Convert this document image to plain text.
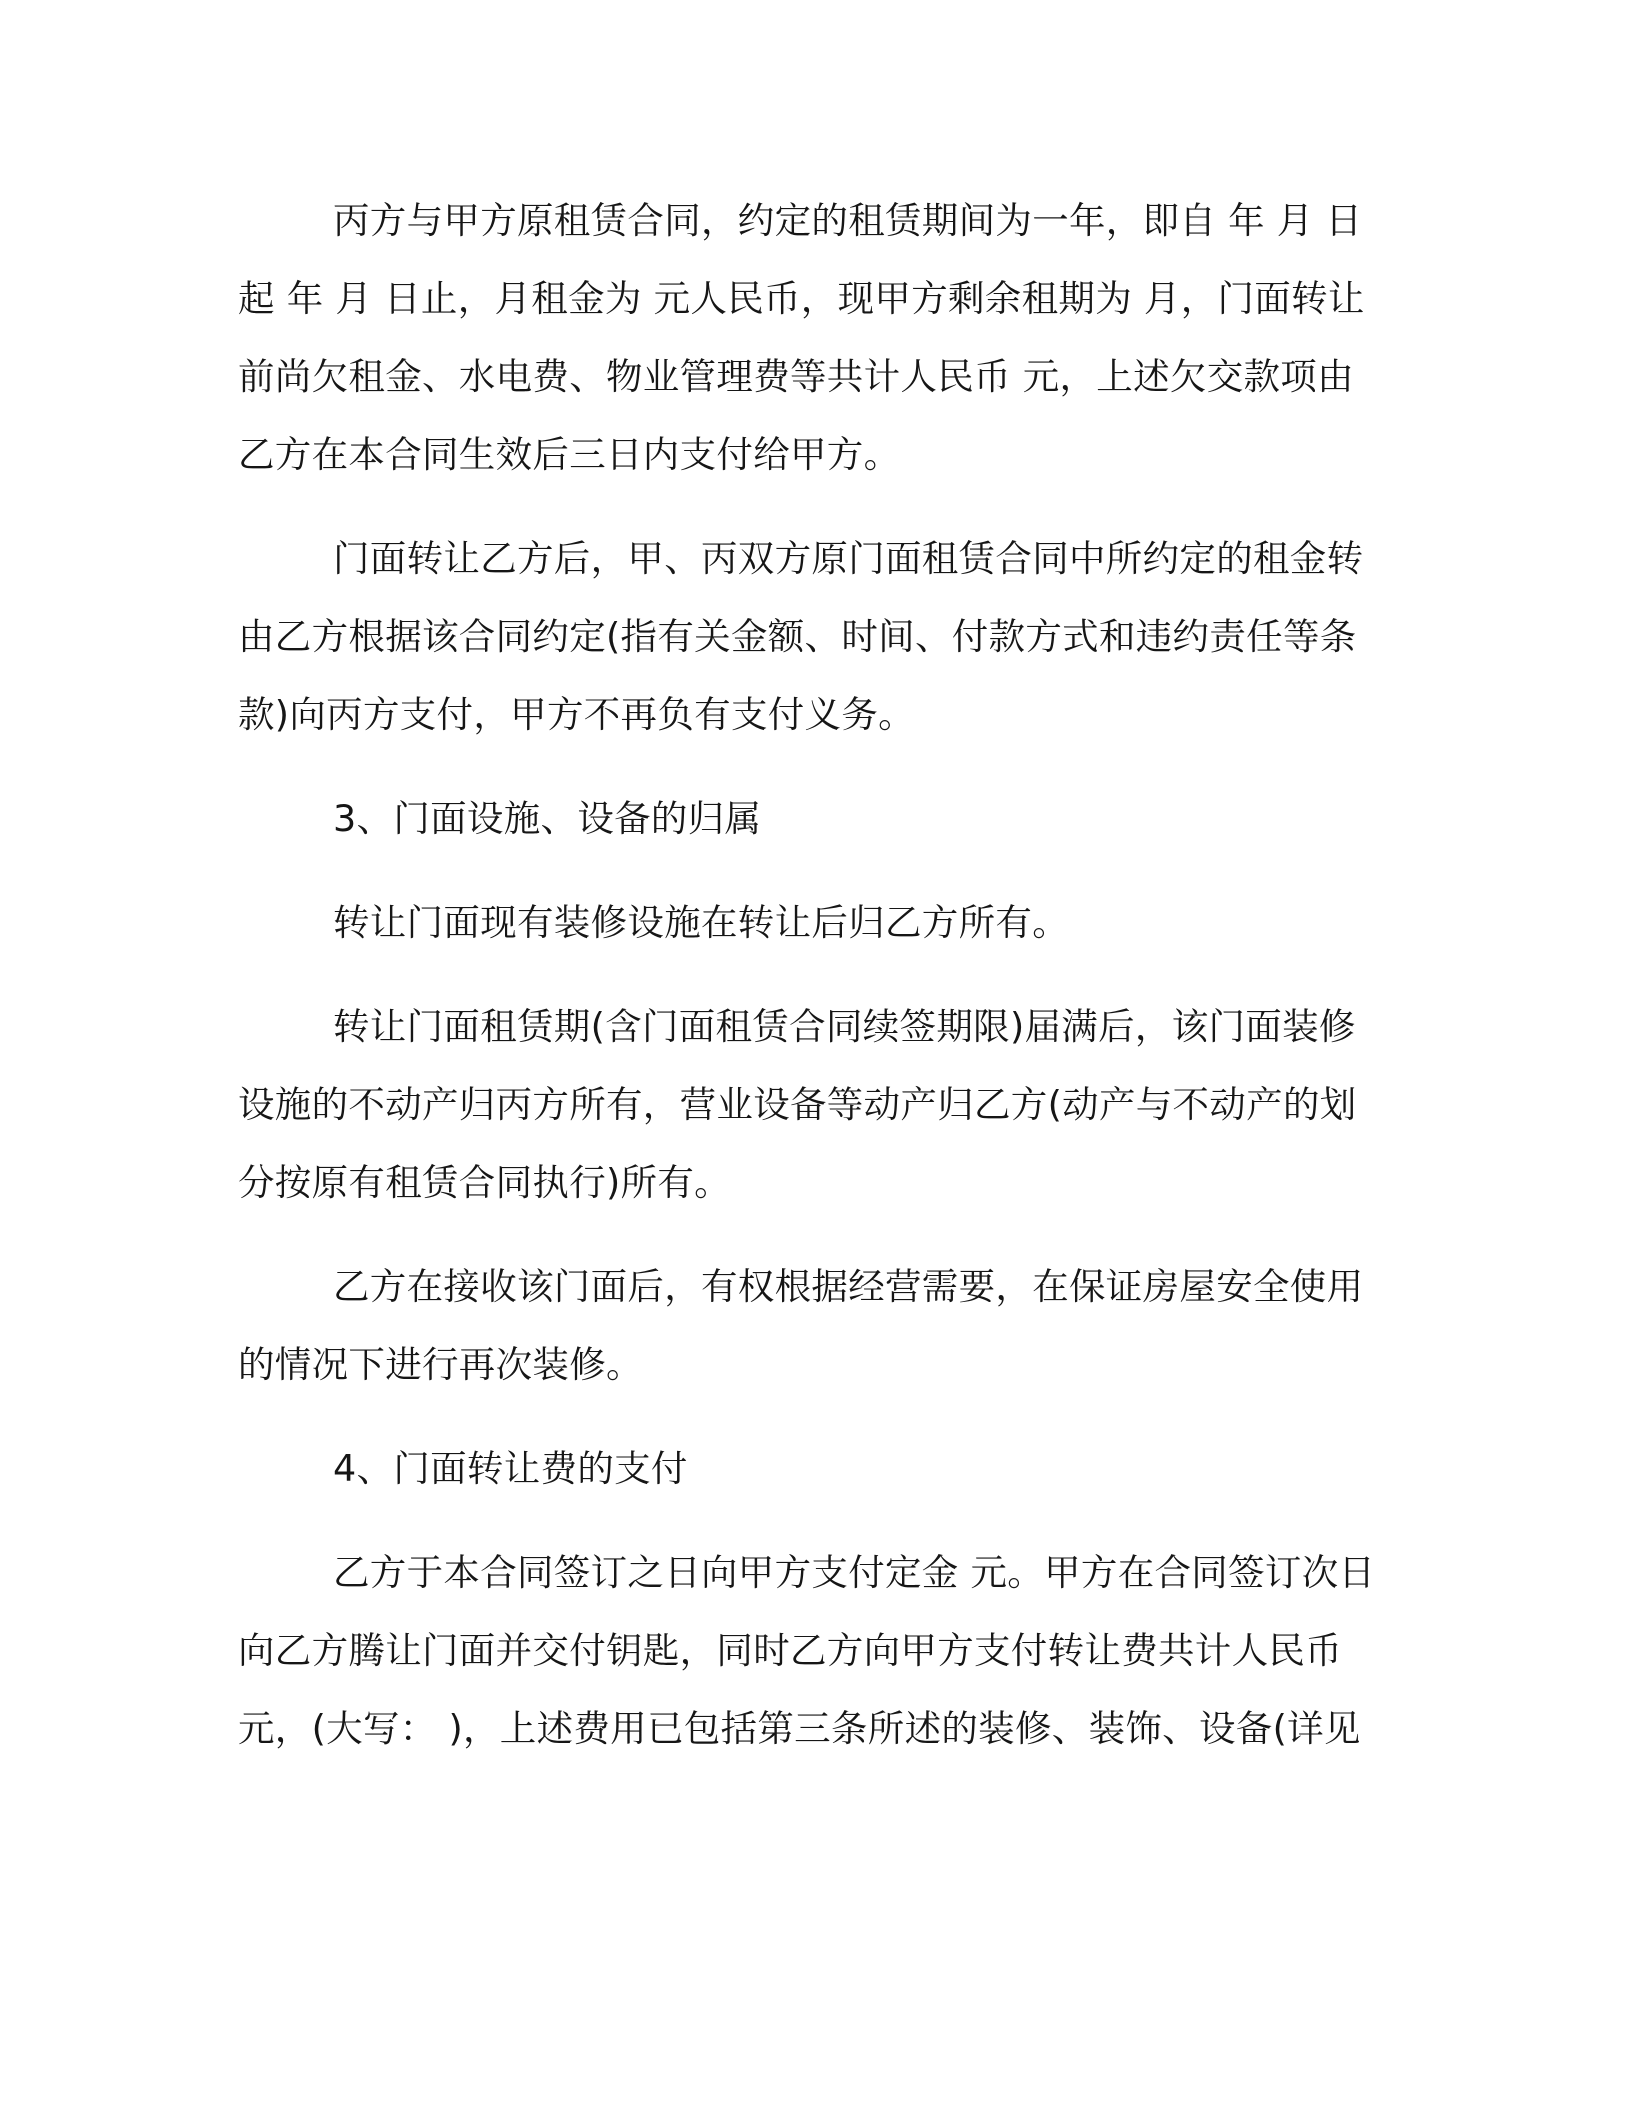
丙方与甲方原租赁合同，约定的租赁期间为一年，即自 年 月 日
起 年 月 日止，月租金为 元人民币，现甲方剩余租期为 月，门面转让
前尚欠租金、水电费、物业管理费等共计人民币 元，上述欠交款项由
乙方在本合同生效后三日内支付给甲方。
门面转让乙方后，甲、丙双方原门面租赁合同中所约定的租金转
由乙方根据该合同约定(指有关金额、时间、付款方式和违约责任等条
款)向丙方支付，甲方不再负有支付义务。
3、门面设施、设备的归属
转让门面现有装修设施在转让后归乙方所有。
转让门面租赁期(含门面租赁合同续签期限)届满后，该门面装修
设施的不动产归丙方所有，营业设备等动产归乙方(动产与不动产的划
分按原有租赁合同执行)所有。
乙方在接收该门面后，有权根据经营需要，在保证房屋安全使用
的情况下进行再次装修。
4、门面转让费的支付
乙方于本合同签订之日向甲方支付定金 元。甲方在合同签订次日
向乙方腾让门面并交付钥匙，同时乙方向甲方支付转让费共计人民币
元，(大写： )，上述费用已包括第三条所述的装修、装饰、设备(详见
